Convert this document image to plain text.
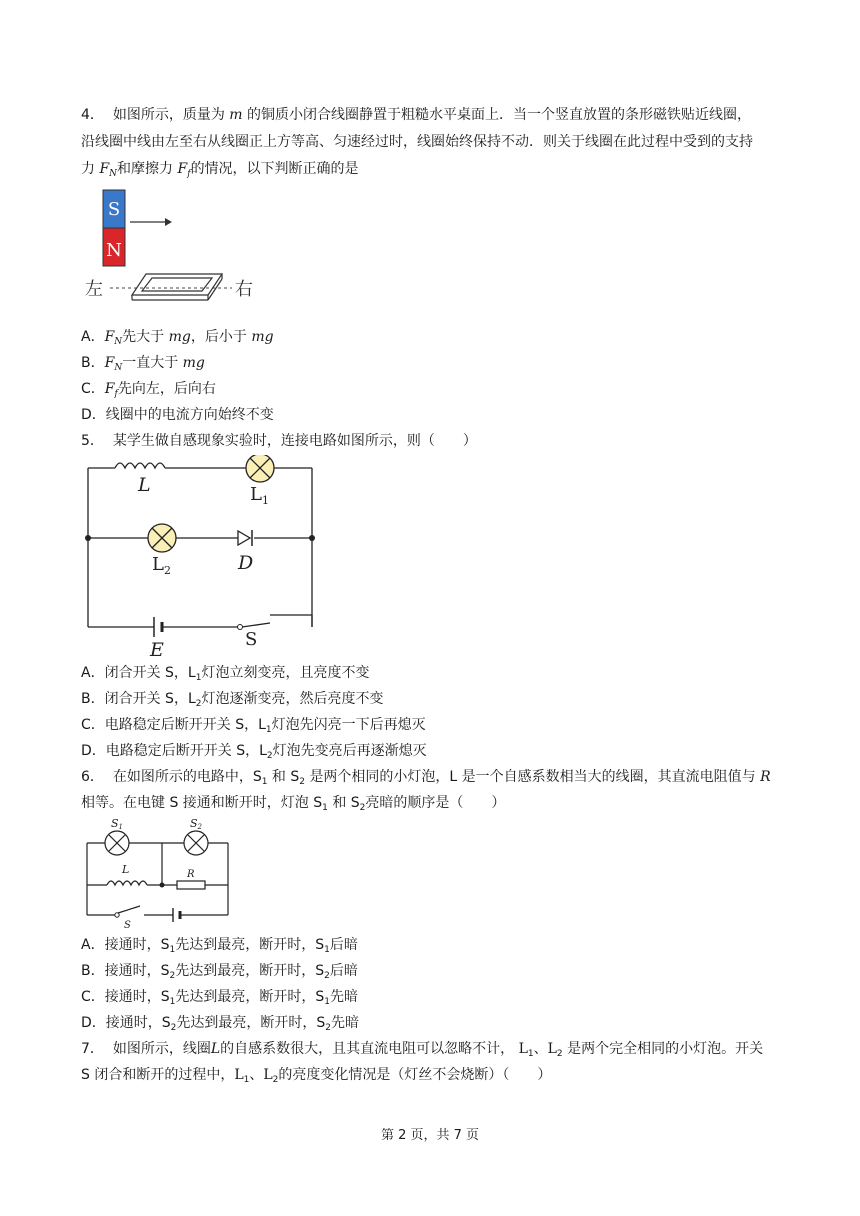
4． 如图所示，质量为 m 的铜质小闭合线圈静置于粗糙水平桌面上．当一个竖直放置的条形磁铁贴近线圈，
沿线圈中线由左至右从线圈正上方等高、匀速经过时，线圈始终保持不动．则关于线圈在此过程中受到的支持
力 $F_N$和摩擦力 $F_f$的情况，以下判断正确的是
S
N
左	右
A．$F_N$先大于 mg，后小于 mg
B．$F_N$一直大于 mg
C．$F_f$先向左，后向右
D．线圈中的电流方向始终不变
5． 某学生做自感现象实验时，连接电路如图所示，则（　　）
L	$L_1$
$L_2$	D
E	S
A．闭合开关 S，$L_1$灯泡立刻变亮，且亮度不变
B．闭合开关 S，$L_2$灯泡逐渐变亮，然后亮度不变
C．电路稳定后断开开关 S，$L_1$灯泡先闪亮一下后再熄灭
D．电路稳定后断开开关 S，$L_2$灯泡先变亮后再逐渐熄灭
6． 在如图所示的电路中，$S_1$ 和 $S_2$ 是两个相同的小灯泡，L 是一个自感系数相当大的线圈，其直流电阻值与 R
相等。在电键 S 接通和断开时，灯泡 $S_1$ 和 $S_2$亮暗的顺序是（　　）
S1	S2
L	R
S
A．接通时，$S_1$先达到最亮，断开时，$S_1$后暗
B．接通时，$S_2$先达到最亮，断开时，$S_2$后暗
C．接通时，$S_1$先达到最亮，断开时，$S_1$先暗
D．接通时，$S_2$先达到最亮，断开时，$S_2$先暗
7． 如图所示，线圈L的自感系数很大，且其直流电阻可以忽略不计， $L_1$、$L_2$ 是两个完全相同的小灯泡。开关
S 闭合和断开的过程中，$L_1$、$L_2$的亮度变化情况是（灯丝不会烧断）（　　）
第 2 页，共 7 页
